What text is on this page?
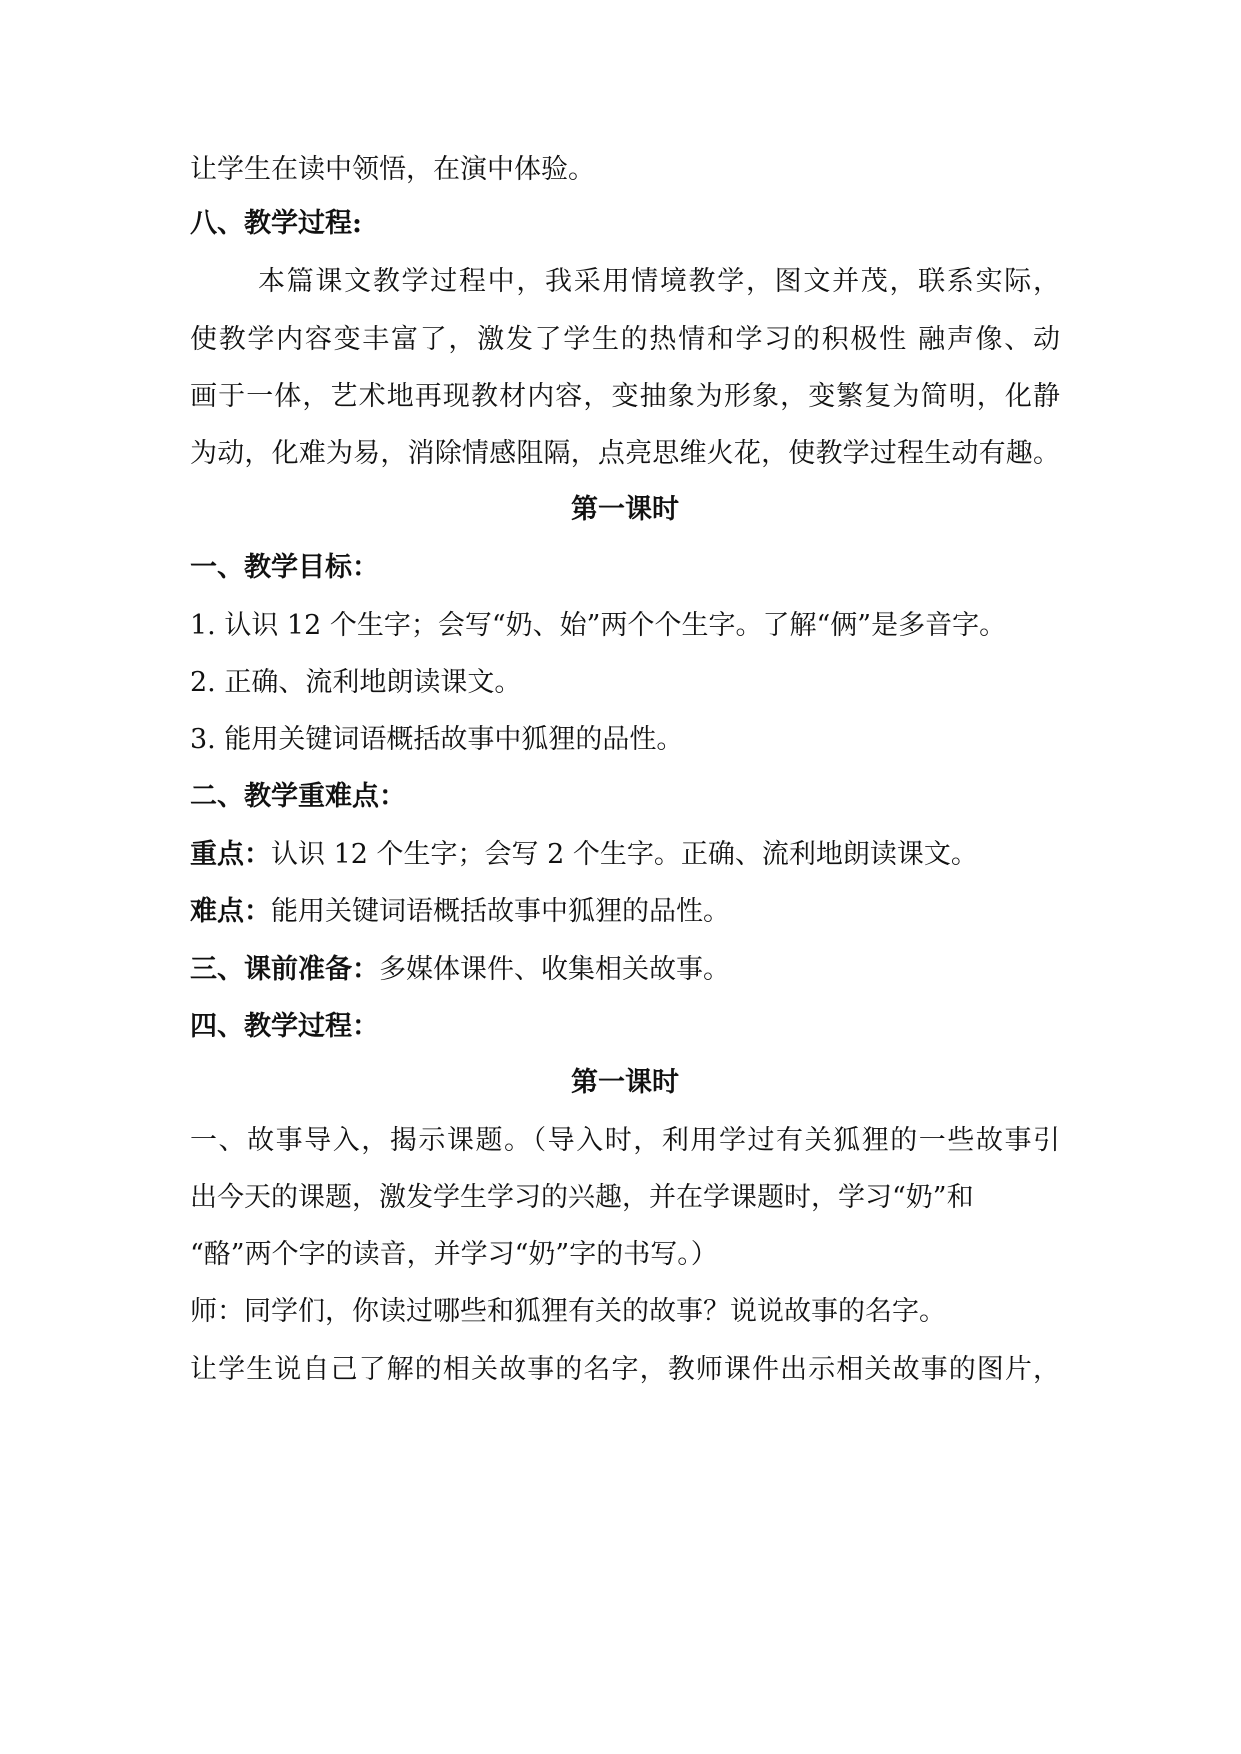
让学生在读中领悟，在演中体验。
八、教学过程:
本篇课文教学过程中，我采用情境教学，图文并茂，联系实际，
使教学内容变丰富了，激发了学生的热情和学习的积极性 融声像、动
画于一体，艺术地再现教材内容，变抽象为形象，变繁复为简明，化静
为动，化难为易，消除情感阻隔，点亮思维火花，使教学过程生动有趣。
第一课时
一、教学目标：
1. 认识 12 个生字；会写“奶、始”两个个生字。了解“俩”是多音字。
2. 正确、流利地朗读课文。
3. 能用关键词语概括故事中狐狸的品性。
二、教学重难点：
重点：认识 12 个生字；会写 2 个生字。正确、流利地朗读课文。
难点：能用关键词语概括故事中狐狸的品性。
三、课前准备：多媒体课件、收集相关故事。
四、教学过程：
第一课时
一、故事导入，揭示课题。（导入时，利用学过有关狐狸的一些故事引
出今天的课题，激发学生学习的兴趣，并在学课题时，学习“奶”和
“酪”两个字的读音，并学习“奶”字的书写。）
师：同学们，你读过哪些和狐狸有关的故事？说说故事的名字。
让学生说自己了解的相关故事的名字，教师课件出示相关故事的图片，
